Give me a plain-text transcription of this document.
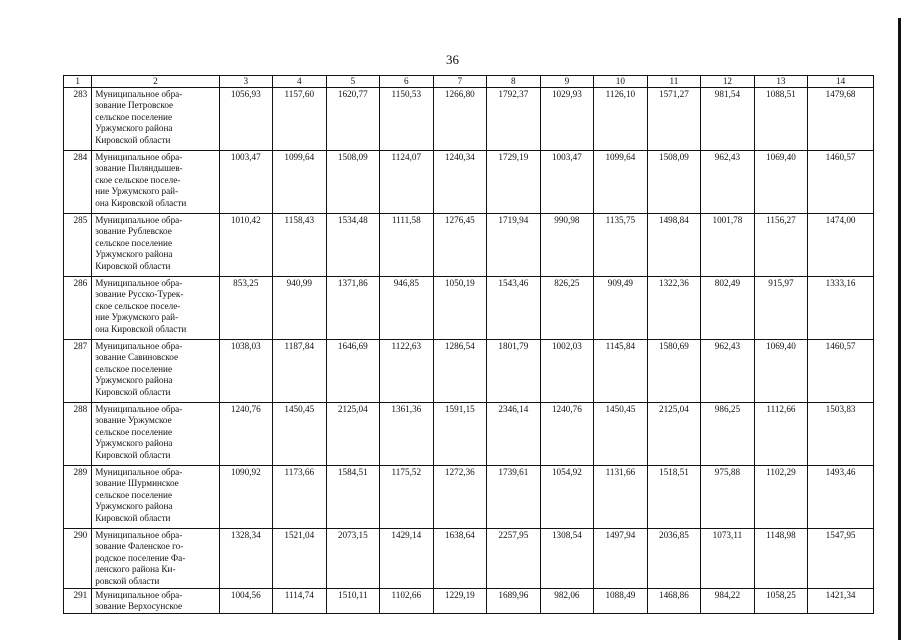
36
1	2	3	4	5	6	7	8	9	10	11	12	13	14
283	Муниципальное обра-
зование Петровское
сельское поселение
Уржумского района
Кировской области	1056,93	1157,60	1620,77	1150,53	1266,80	1792,37	1029,93	1126,10	1571,27	981,54	1088,51	1479,68
284	Муниципальное обра-
зование Пиляндышев-
ское сельское поселе-
ние Уржумского рай-
она Кировской области	1003,47	1099,64	1508,09	1124,07	1240,34	1729,19	1003,47	1099,64	1508,09	962,43	1069,40	1460,57
285	Муниципальное обра-
зование Рублевское
сельское поселение
Уржумского района
Кировской области	1010,42	1158,43	1534,48	1111,58	1276,45	1719,94	990,98	1135,75	1498,84	1001,78	1156,27	1474,00
286	Муниципальное обра-
зование Русско-Турек-
ское сельское поселе-
ние Уржумского рай-
она Кировской области	853,25	940,99	1371,86	946,85	1050,19	1543,46	826,25	909,49	1322,36	802,49	915,97	1333,16
287	Муниципальное обра-
зование Савиновское
сельское поселение
Уржумского района
Кировской области	1038,03	1187,84	1646,69	1122,63	1286,54	1801,79	1002,03	1145,84	1580,69	962,43	1069,40	1460,57
288	Муниципальное обра-
зование Уржумское
сельское поселение
Уржумского района
Кировской области	1240,76	1450,45	2125,04	1361,36	1591,15	2346,14	1240,76	1450,45	2125,04	986,25	1112,66	1503,83
289	Муниципальное обра-
зование Шурминское
сельское поселение
Уржумского района
Кировской области	1090,92	1173,66	1584,51	1175,52	1272,36	1739,61	1054,92	1131,66	1518,51	975,88	1102,29	1493,46
290	Муниципальное обра-
зование Фаленское го-
родское поселение Фа-
ленского района Ки-
ровской области	1328,34	1521,04	2073,15	1429,14	1638,64	2257,95	1308,54	1497,94	2036,85	1073,11	1148,98	1547,95
291	Муниципальное обра-
зование Верхосунское	1004,56	1114,74	1510,11	1102,66	1229,19	1689,96	982,06	1088,49	1468,86	984,22	1058,25	1421,34
